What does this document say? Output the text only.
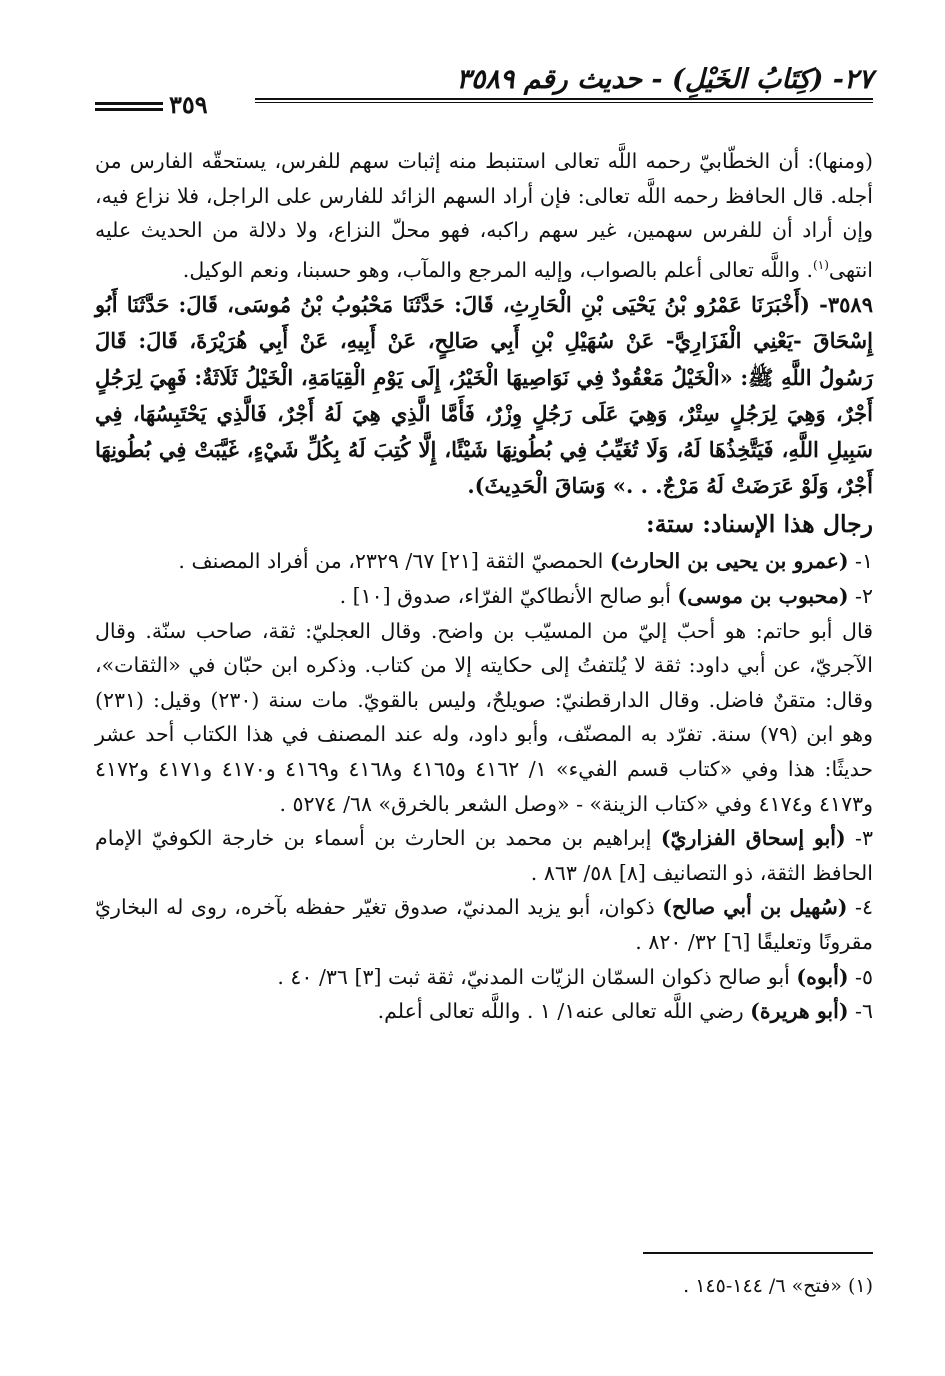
٢٧- (كِتَابُ الخَيْلِ) - حديث رقم ٣٥٨٩
٣٥٩

(ومنها): أن الخطّابيّ رحمه اللَّه تعالى استنبط منه إثبات سهم للفرس، يستحقّه الفارس من أجله. قال الحافظ رحمه اللَّه تعالى: فإن أراد السهم الزائد للفارس على الراجل، فلا نزاع فيه، وإن أراد أن للفرس سهمين، غير سهم راكبه، فهو محلّ النزاع، ولا دلالة من الحديث عليه انتهى$^{(١)}$. واللَّه تعالى أعلم بالصواب، وإليه المرجع والمآب، وهو حسبنا، ونعم الوكيل.

٣٥٨٩- (أَخْبَرَنَا عَمْرُو بْنُ يَحْيَى بْنِ الْحَارِثِ، قَالَ: حَدَّثَنَا مَحْبُوبُ بْنُ مُوسَى، قَالَ: حَدَّثَنَا أَبُو إِسْحَاقَ -يَعْنِي الْفَزَارِيَّ- عَنْ سُهَيْلِ بْنِ أَبِي صَالِحٍ، عَنْ أَبِيهِ، عَنْ أَبِي هُرَيْرَةَ، قَالَ: قَالَ رَسُولُ اللَّهِ ﷺ: «الْخَيْلُ مَعْقُودٌ فِي نَوَاصِيهَا الْخَيْرُ، إِلَى يَوْمِ الْقِيَامَةِ، الْخَيْلُ ثَلَاثَةٌ: فَهِيَ لِرَجُلٍ أَجْرٌ، وَهِيَ لِرَجُلٍ سِتْرٌ، وَهِيَ عَلَى رَجُلٍ وِزْرٌ، فَأَمَّا الَّذِي هِيَ لَهُ أَجْرٌ، فَالَّذِي يَحْتَبِسُهَا، فِي سَبِيلِ اللَّهِ، فَيَتَّخِذُهَا لَهُ، وَلَا تُغَيِّبُ فِي بُطُونِهَا شَيْئًا، إِلَّا كُتِبَ لَهُ بِكُلِّ شَيْءٍ، غَيَّبَتْ فِي بُطُونِهَا أَجْرٌ، وَلَوْ عَرَضَتْ لَهُ مَرْجٌ. . .» وَسَاقَ الْحَدِيثَ).

رجال هذا الإسناد: ستة:

١- (عمرو بن يحيى بن الحارث) الحمصيّ الثقة [٢١] ٦٧/ ٢٣٢٩، من أفراد المصنف .

٢- (محبوب بن موسى) أبو صالح الأنطاكيّ الفرّاء، صدوق [١٠] .

قال أبو حاتم: هو أحبّ إليّ من المسيّب بن واضح. وقال العجليّ: ثقة، صاحب سنّة. وقال الآجريّ، عن أبي داود: ثقة لا يُلتفتُ إلى حكايته إلا من كتاب. وذكره ابن حبّان في «الثقات»، وقال: متقنٌ فاضل. وقال الدارقطنيّ: صويلحٌ، وليس بالقويّ. مات سنة (٢٣٠) وقيل: (٢٣١) وهو ابن (٧٩) سنة. تفرّد به المصنّف، وأبو داود، وله عند المصنف في هذا الكتاب أحد عشر حديثًا: هذا وفي «كتاب قسم الفيء» ١/ ٤١٦٢ و٤١٦٥ و٤١٦٨ و٤١٦٩ و٤١٧٠ و٤١٧١ و٤١٧٢ و٤١٧٣ و٤١٧٤ وفي «كتاب الزينة» - «وصل الشعر بالخرق» ٦٨/ ٥٢٧٤ .

٣- (أبو إسحاق الفزاريّ) إبراهيم بن محمد بن الحارث بن أسماء بن خارجة الكوفيّ الإمام الحافظ الثقة، ذو التصانيف [٨] ٥٨/ ٨٦٣ .

٤- (سُهيل بن أبي صالح) ذكوان، أبو يزيد المدنيّ، صدوق تغيّر حفظه بآخره، روى له البخاريّ مقرونًا وتعليقًا [٦] ٣٢/ ٨٢٠ .

٥- (أبوه) أبو صالح ذكوان السمّان الزيّات المدنيّ، ثقة ثبت [٣] ٣٦/ ٤٠ .

٦- (أبو هريرة) رضي اللَّه تعالى عنه١/ ١ . واللَّه تعالى أعلم.

(١) «فتح» ٦/ ١٤٤-١٤٥ .
